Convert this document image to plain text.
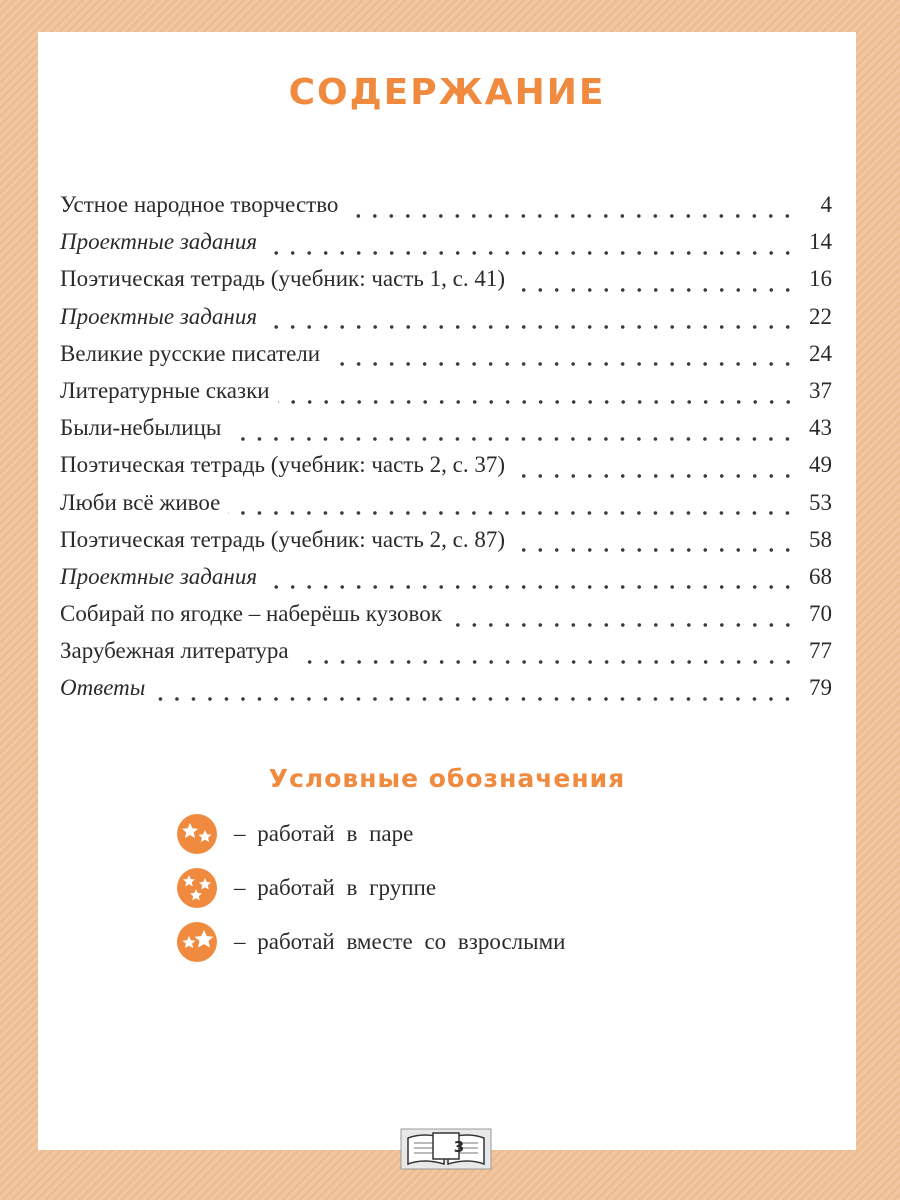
СОДЕРЖАНИЕ
Устное народное творчество	4
Проектные задания	14
Поэтическая тетрадь (учебник: часть 1, с. 41)	16
Проектные задания	22
Великие русские писатели	24
Литературные сказки	37
Были-небылицы	43
Поэтическая тетрадь (учебник: часть 2, с. 37)	49
Люби всё живое	53
Поэтическая тетрадь (учебник: часть 2, с. 87)	58
Проектные задания	68
Собирай по ягодке – наберёшь кузовок	70
Зарубежная литература	77
Ответы	79
Условные обозначения
– работай в паре
– работай в группе
– работай вместе со взрослыми
3
